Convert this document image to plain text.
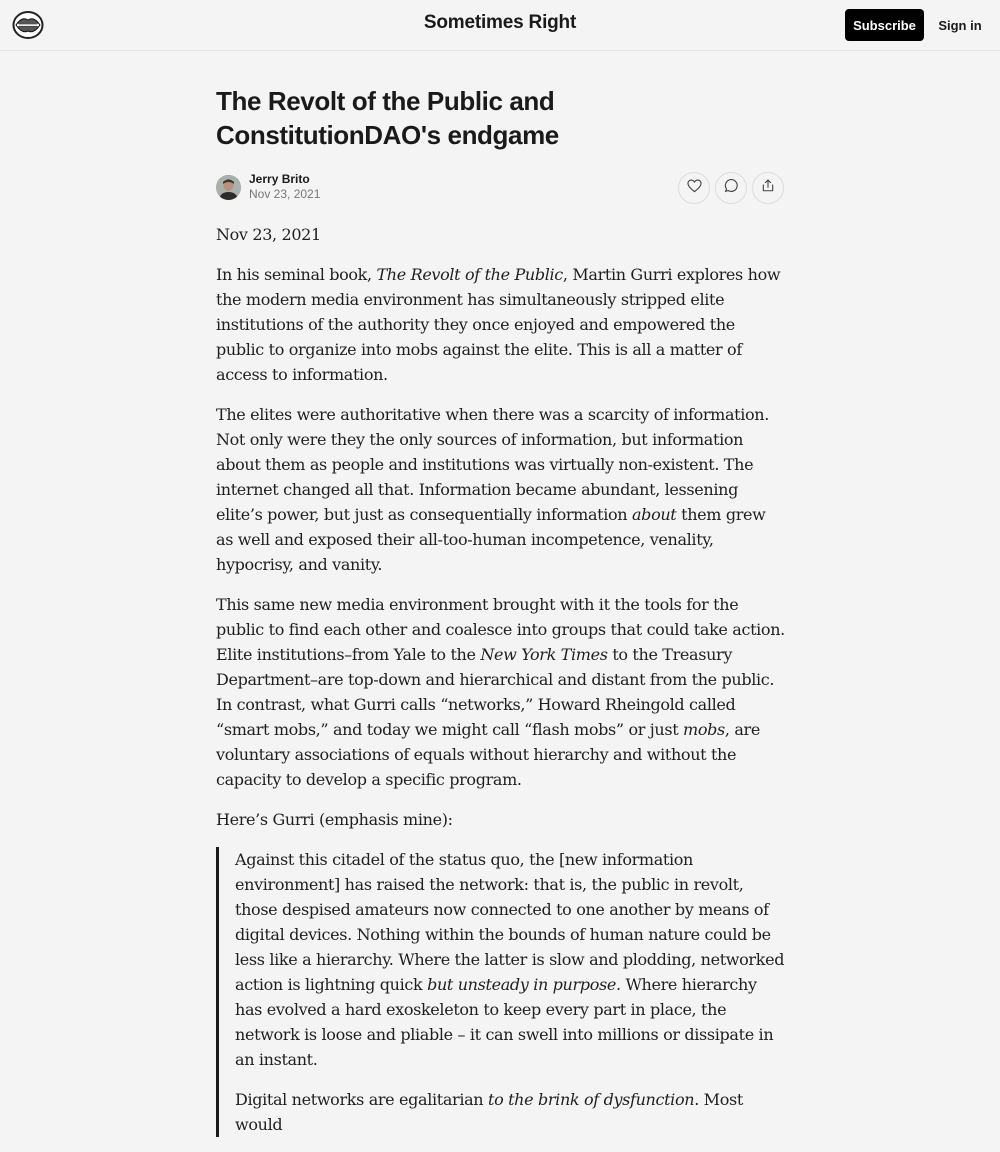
Sometimes Right	Subscribe	Sign in
The Revolt of the Public and
ConstitutionDAO's endgame
Jerry Brito
Nov 23, 2021
Nov 23, 2021

In his seminal book, The Revolt of the Public, Martin Gurri explores how the modern media environment has simultaneously stripped elite institutions of the authority they once enjoyed and empowered the public to organize into mobs against the elite. This is all a matter of access to information.

The elites were authoritative when there was a scarcity of information. Not only were they the only sources of information, but information about them as people and institutions was virtually non-existent. The internet changed all that. Information became abundant, lessening elite’s power, but just as consequentially information about them grew as well and exposed their all-too-human incompetence, venality, hypocrisy, and vanity.

This same new media environment brought with it the tools for the public to find each other and coalesce into groups that could take action. Elite institutions–from Yale to the New York Times to the Treasury Department–are top-down and hierarchical and distant from the public. In contrast, what Gurri calls “networks,” Howard Rheingold called “smart mobs,” and today we might call “flash mobs” or just mobs, are voluntary associations of equals without hierarchy and without the capacity to develop a specific program.

Here’s Gurri (emphasis mine):

Against this citadel of the status quo, the [new information environment] has raised the network: that is, the public in revolt, those despised amateurs now connected to one another by means of digital devices. Nothing within the bounds of human nature could be less like a hierarchy. Where the latter is slow and plodding, networked action is lightning quick but unsteady in purpose. Where hierarchy has evolved a hard exoskeleton to keep every part in place, the network is loose and pliable – it can swell into millions or dissipate in an instant.

Digital networks are egalitarian to the brink of dysfunction. Most would
